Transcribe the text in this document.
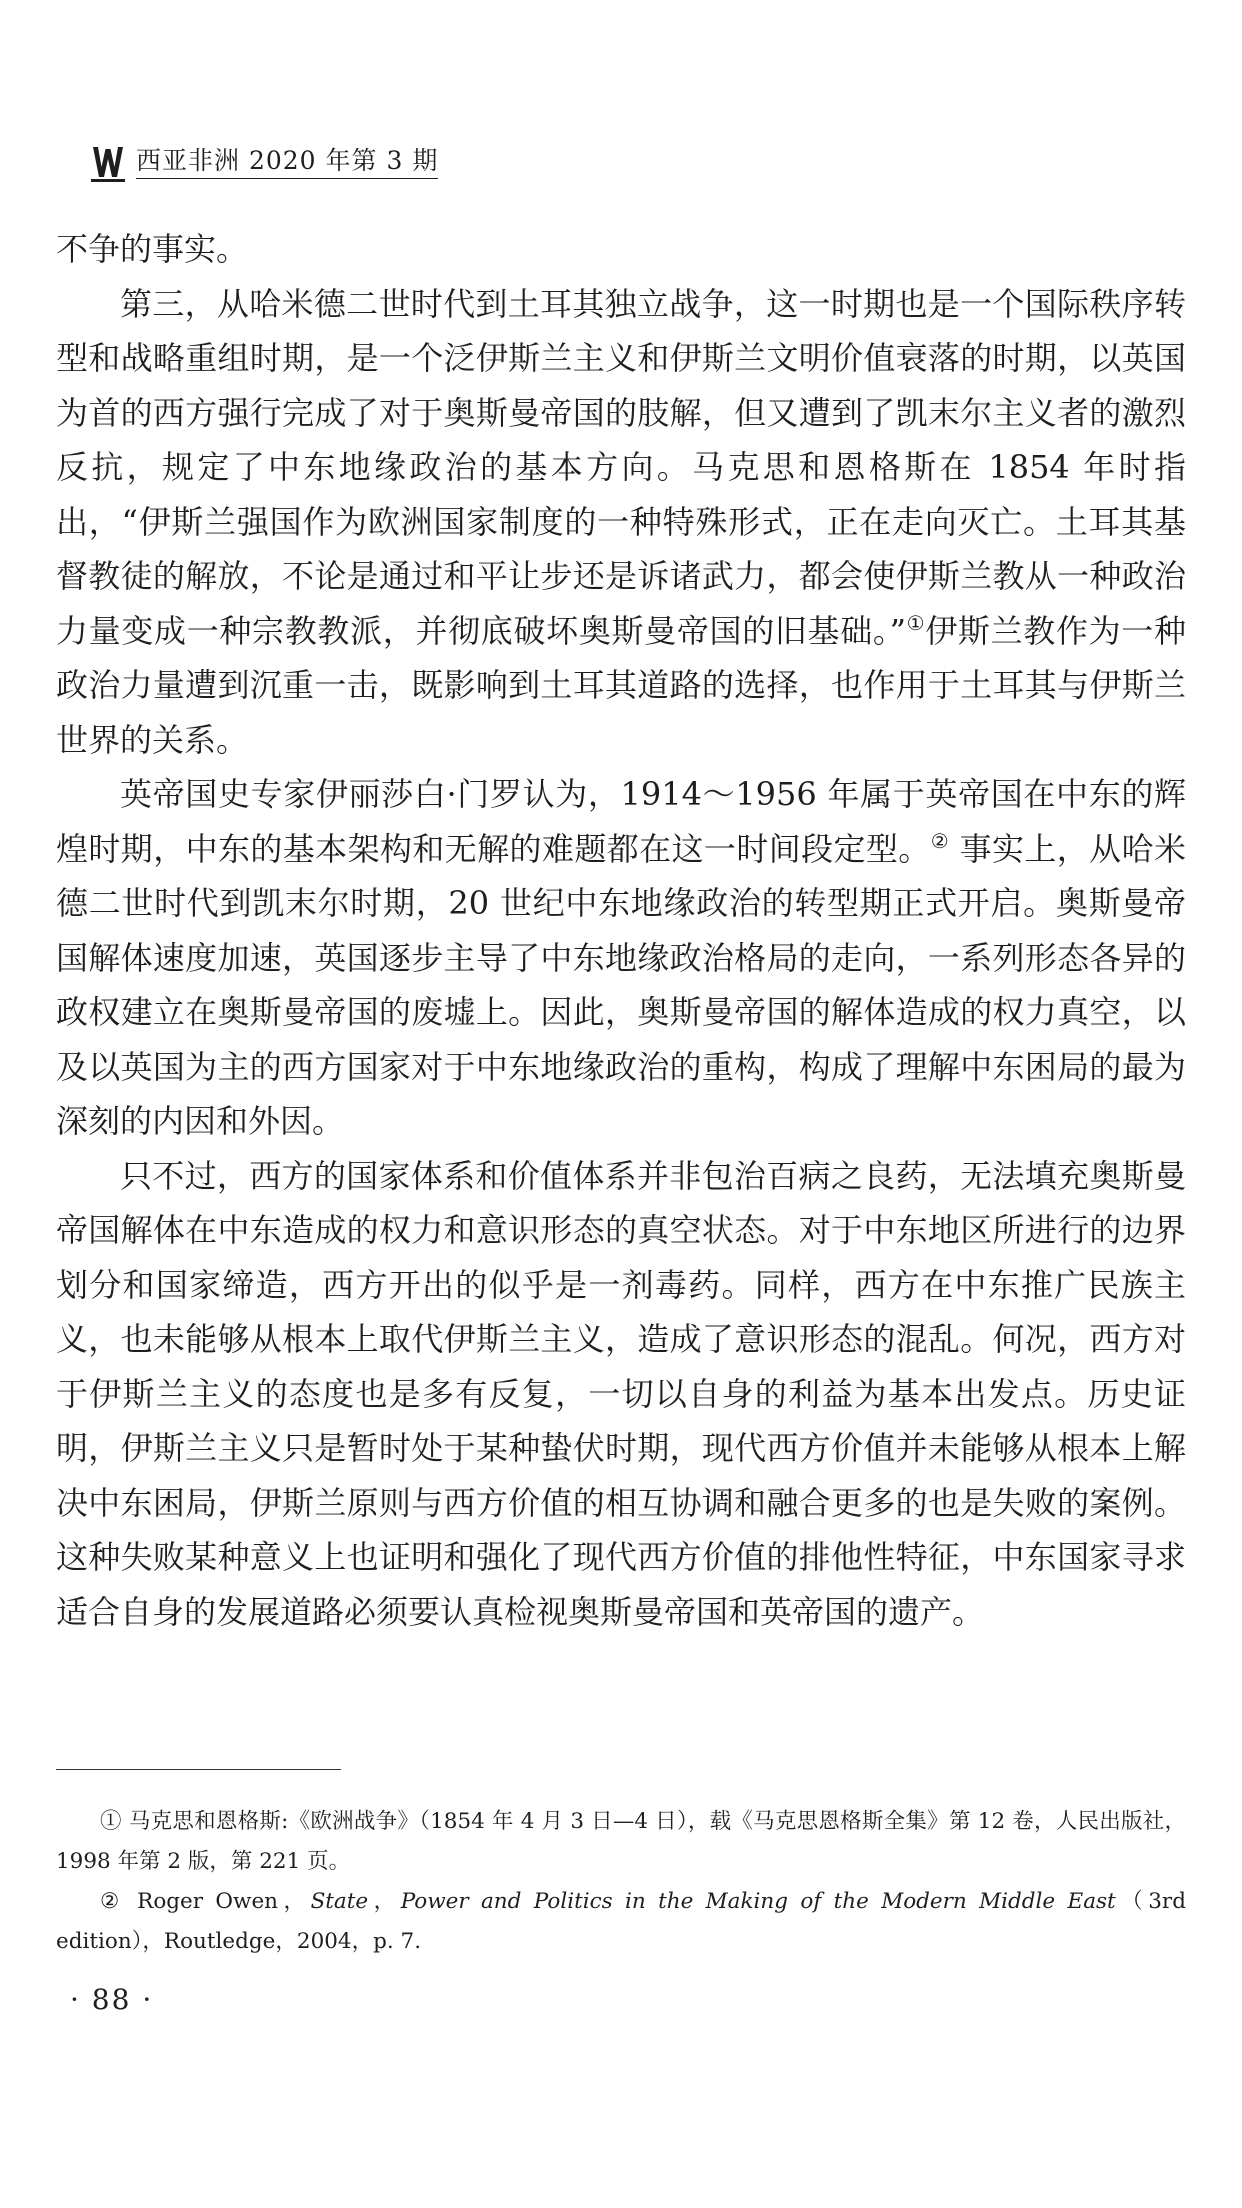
西亚非洲 2020 年第 3 期

不争的事实。

第三，从哈米德二世时代到土耳其独立战争，这一时期也是一个国际秩序转型和战略重组时期，是一个泛伊斯兰主义和伊斯兰文明价值衰落的时期，以英国为首的西方强行完成了对于奥斯曼帝国的肢解，但又遭到了凯末尔主义者的激烈反抗，规定了中东地缘政治的基本方向。马克思和恩格斯在 1854 年时指出，“伊斯兰强国作为欧洲国家制度的一种特殊形式，正在走向灭亡。土耳其基督教徒的解放，不论是通过和平让步还是诉诸武力，都会使伊斯兰教从一种政治力量变成一种宗教教派，并彻底破坏奥斯曼帝国的旧基础。”①伊斯兰教作为一种政治力量遭到沉重一击，既影响到土耳其道路的选择，也作用于土耳其与伊斯兰世界的关系。

英帝国史专家伊丽莎白·门罗认为，1914～1956 年属于英帝国在中东的辉煌时期，中东的基本架构和无解的难题都在这一时间段定型。② 事实上，从哈米德二世时代到凯末尔时期，20 世纪中东地缘政治的转型期正式开启。奥斯曼帝国解体速度加速，英国逐步主导了中东地缘政治格局的走向，一系列形态各异的政权建立在奥斯曼帝国的废墟上。因此，奥斯曼帝国的解体造成的权力真空，以及以英国为主的西方国家对于中东地缘政治的重构，构成了理解中东困局的最为深刻的内因和外因。

只不过，西方的国家体系和价值体系并非包治百病之良药，无法填充奥斯曼帝国解体在中东造成的权力和意识形态的真空状态。对于中东地区所进行的边界划分和国家缔造，西方开出的似乎是一剂毒药。同样，西方在中东推广民族主义，也未能够从根本上取代伊斯兰主义，造成了意识形态的混乱。何况，西方对于伊斯兰主义的态度也是多有反复，一切以自身的利益为基本出发点。历史证明，伊斯兰主义只是暂时处于某种蛰伏时期，现代西方价值并未能够从根本上解决中东困局，伊斯兰原则与西方价值的相互协调和融合更多的也是失败的案例。这种失败某种意义上也证明和强化了现代西方价值的排他性特征，中东国家寻求适合自身的发展道路必须要认真检视奥斯曼帝国和英帝国的遗产。

① 马克思和恩格斯:《欧洲战争》（1854 年 4 月 3 日—4 日），载《马克思恩格斯全集》第 12 卷，人民出版社，1998 年第 2 版，第 221 页。

② Roger Owen，State，Power and Politics in the Making of the Modern Middle East（3rd edition），Routledge，2004，p. 7.

· 88 ·
